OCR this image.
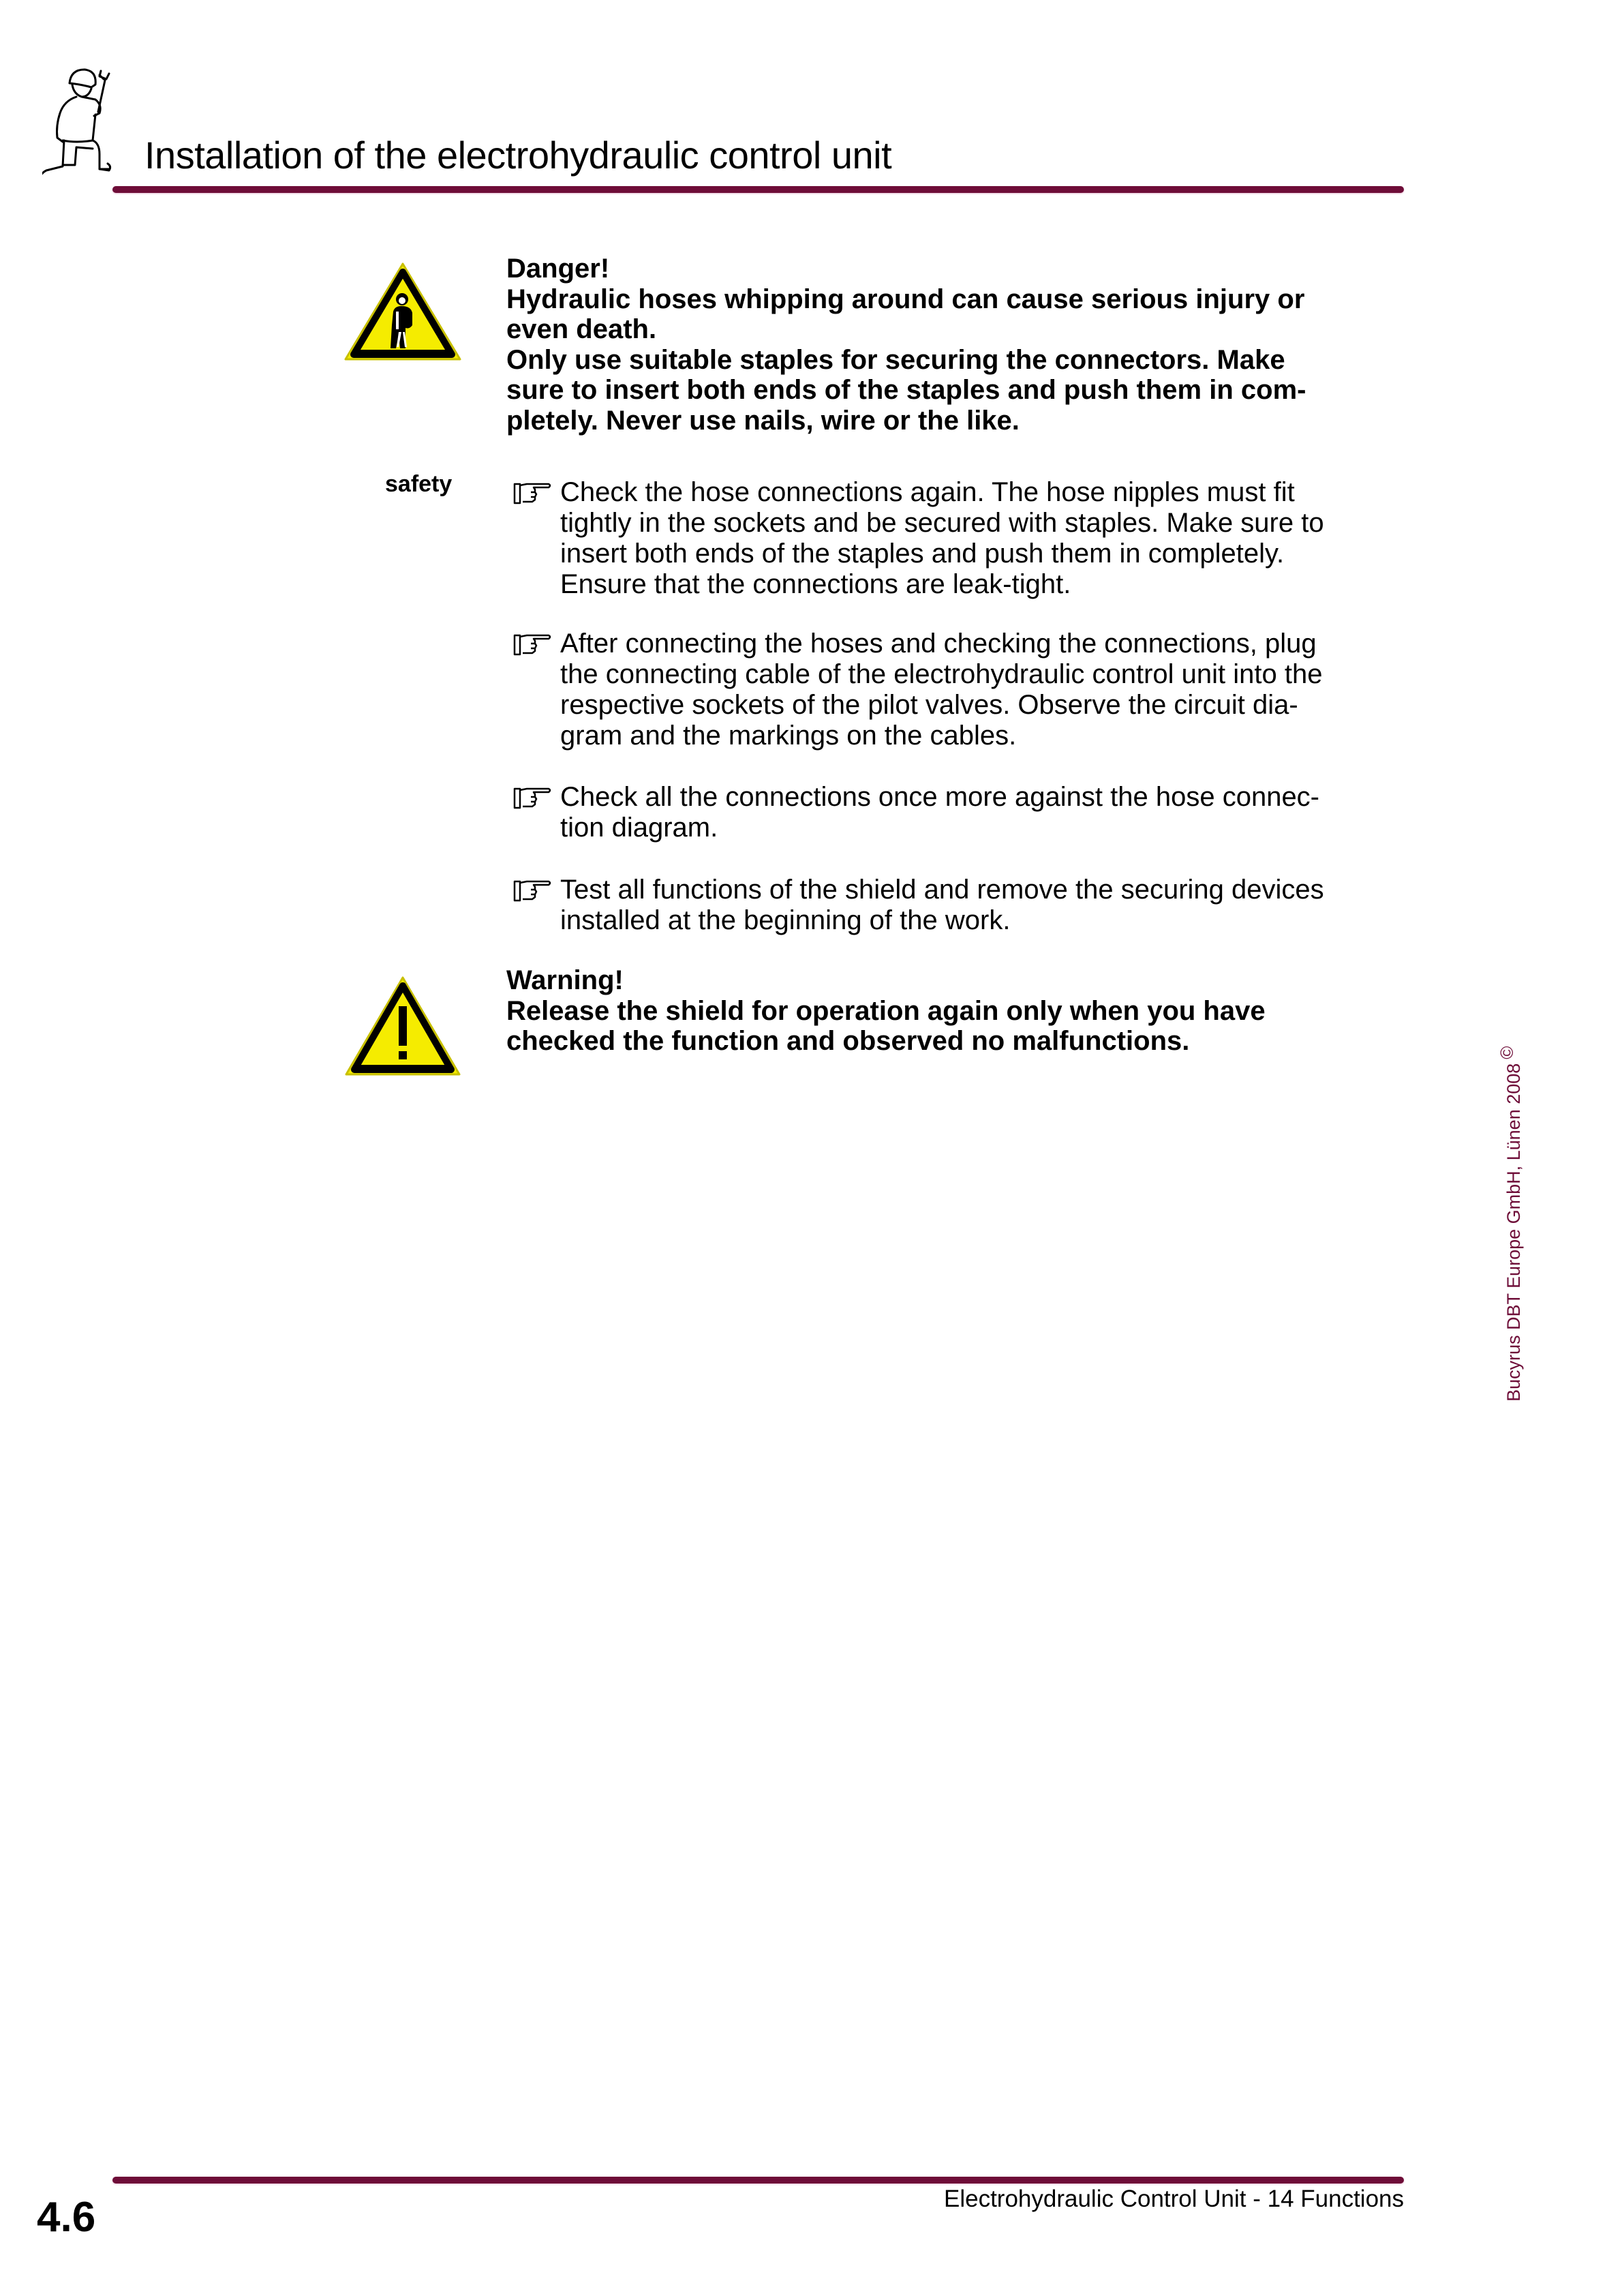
Installation of the electrohydraulic control unit
Danger!
Hydraulic hoses whipping around can cause serious injury or
even death.
Only use suitable staples for securing the connectors. Make
sure to insert both ends of the staples and push them in com-
pletely. Never use nails, wire or the like.
safety	Check the hose connections again. The hose nipples must fit
tightly in the sockets and be secured with staples. Make sure to
insert both ends of the staples and push them in completely.
Ensure that the connections are leak-tight.
After connecting the hoses and checking the connections, plug
the connecting cable of the electrohydraulic control unit into the
respective sockets of the pilot valves. Observe the circuit dia-
gram and the markings on the cables.
Check all the connections once more against the hose connec-
tion diagram.
Test all functions of the shield and remove the securing devices
installed at the beginning of the work.
Warning!
Release the shield for operation again only when you have
checked the function and observed no malfunctions.
Bucyrus DBT Europe GmbH, Lünen 2008©
4.6	Electrohydraulic Control Unit - 14 Functions
